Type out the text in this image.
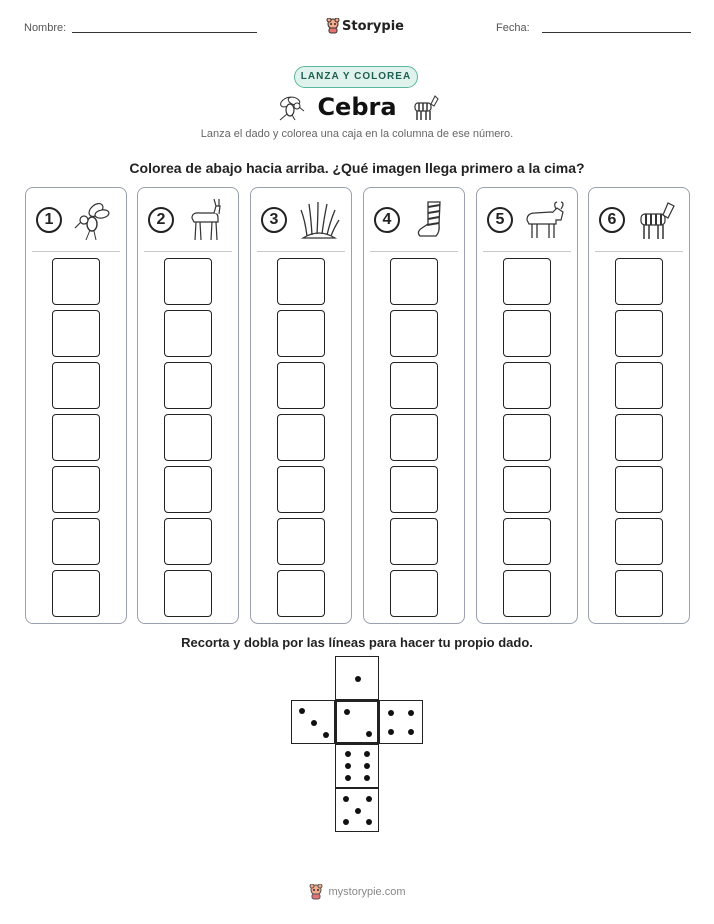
Nombre:	Storypie	Fecha:
LANZA Y COLOREA
Cebra
Lanza el dado y colorea una caja en la columna de ese número.
Colorea de abajo hacia arriba. ¿Qué imagen llega primero a la cima?
1	2	3	4	5	6
Recorta y dobla por las líneas para hacer tu propio dado.
mystorypie.com
